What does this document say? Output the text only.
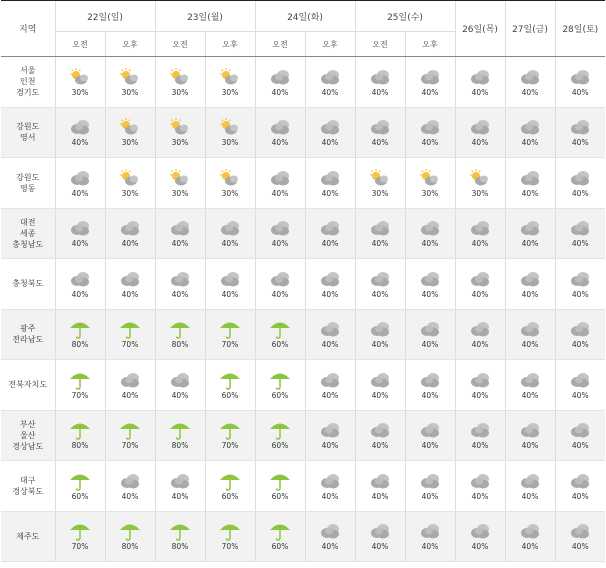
지역	22일(일)		23일(월)		24일(화)		25일(수)		26일(목)	27일(금)	28일(토)
	오전	오후	오전	오후	오전	오후	오전	오후			
서울
인천
경기도	30%	30%	30%	30%	40%	40%	40%	40%	40%	40%	40%

강원도
영서	40%	30%	30%	30%	40%	40%	40%	40%	40%	40%	40%

강원도
영동	40%	30%	30%	30%	40%	40%	30%	30%	30%	40%	40%

대전
세종
충청남도	40%	40%	40%	40%	40%	40%	40%	40%	40%	40%	40%

충청북도	40%	40%	40%	40%	40%	40%	40%	40%	40%	40%	40%

광주
전라남도	80%	70%	80%	70%	60%	40%	40%	40%	40%	40%	40%

전북자치도	70%	40%	40%	60%	60%	40%	40%	40%	40%	40%	40%

부산
울산
경상남도	80%	70%	80%	70%	60%	40%	40%	40%	40%	40%	40%

대구
경상북도	60%	40%	40%	60%	60%	40%	40%	40%	40%	40%	40%

제주도	70%	80%	80%	70%	60%	40%	40%	40%	40%	40%	40%
